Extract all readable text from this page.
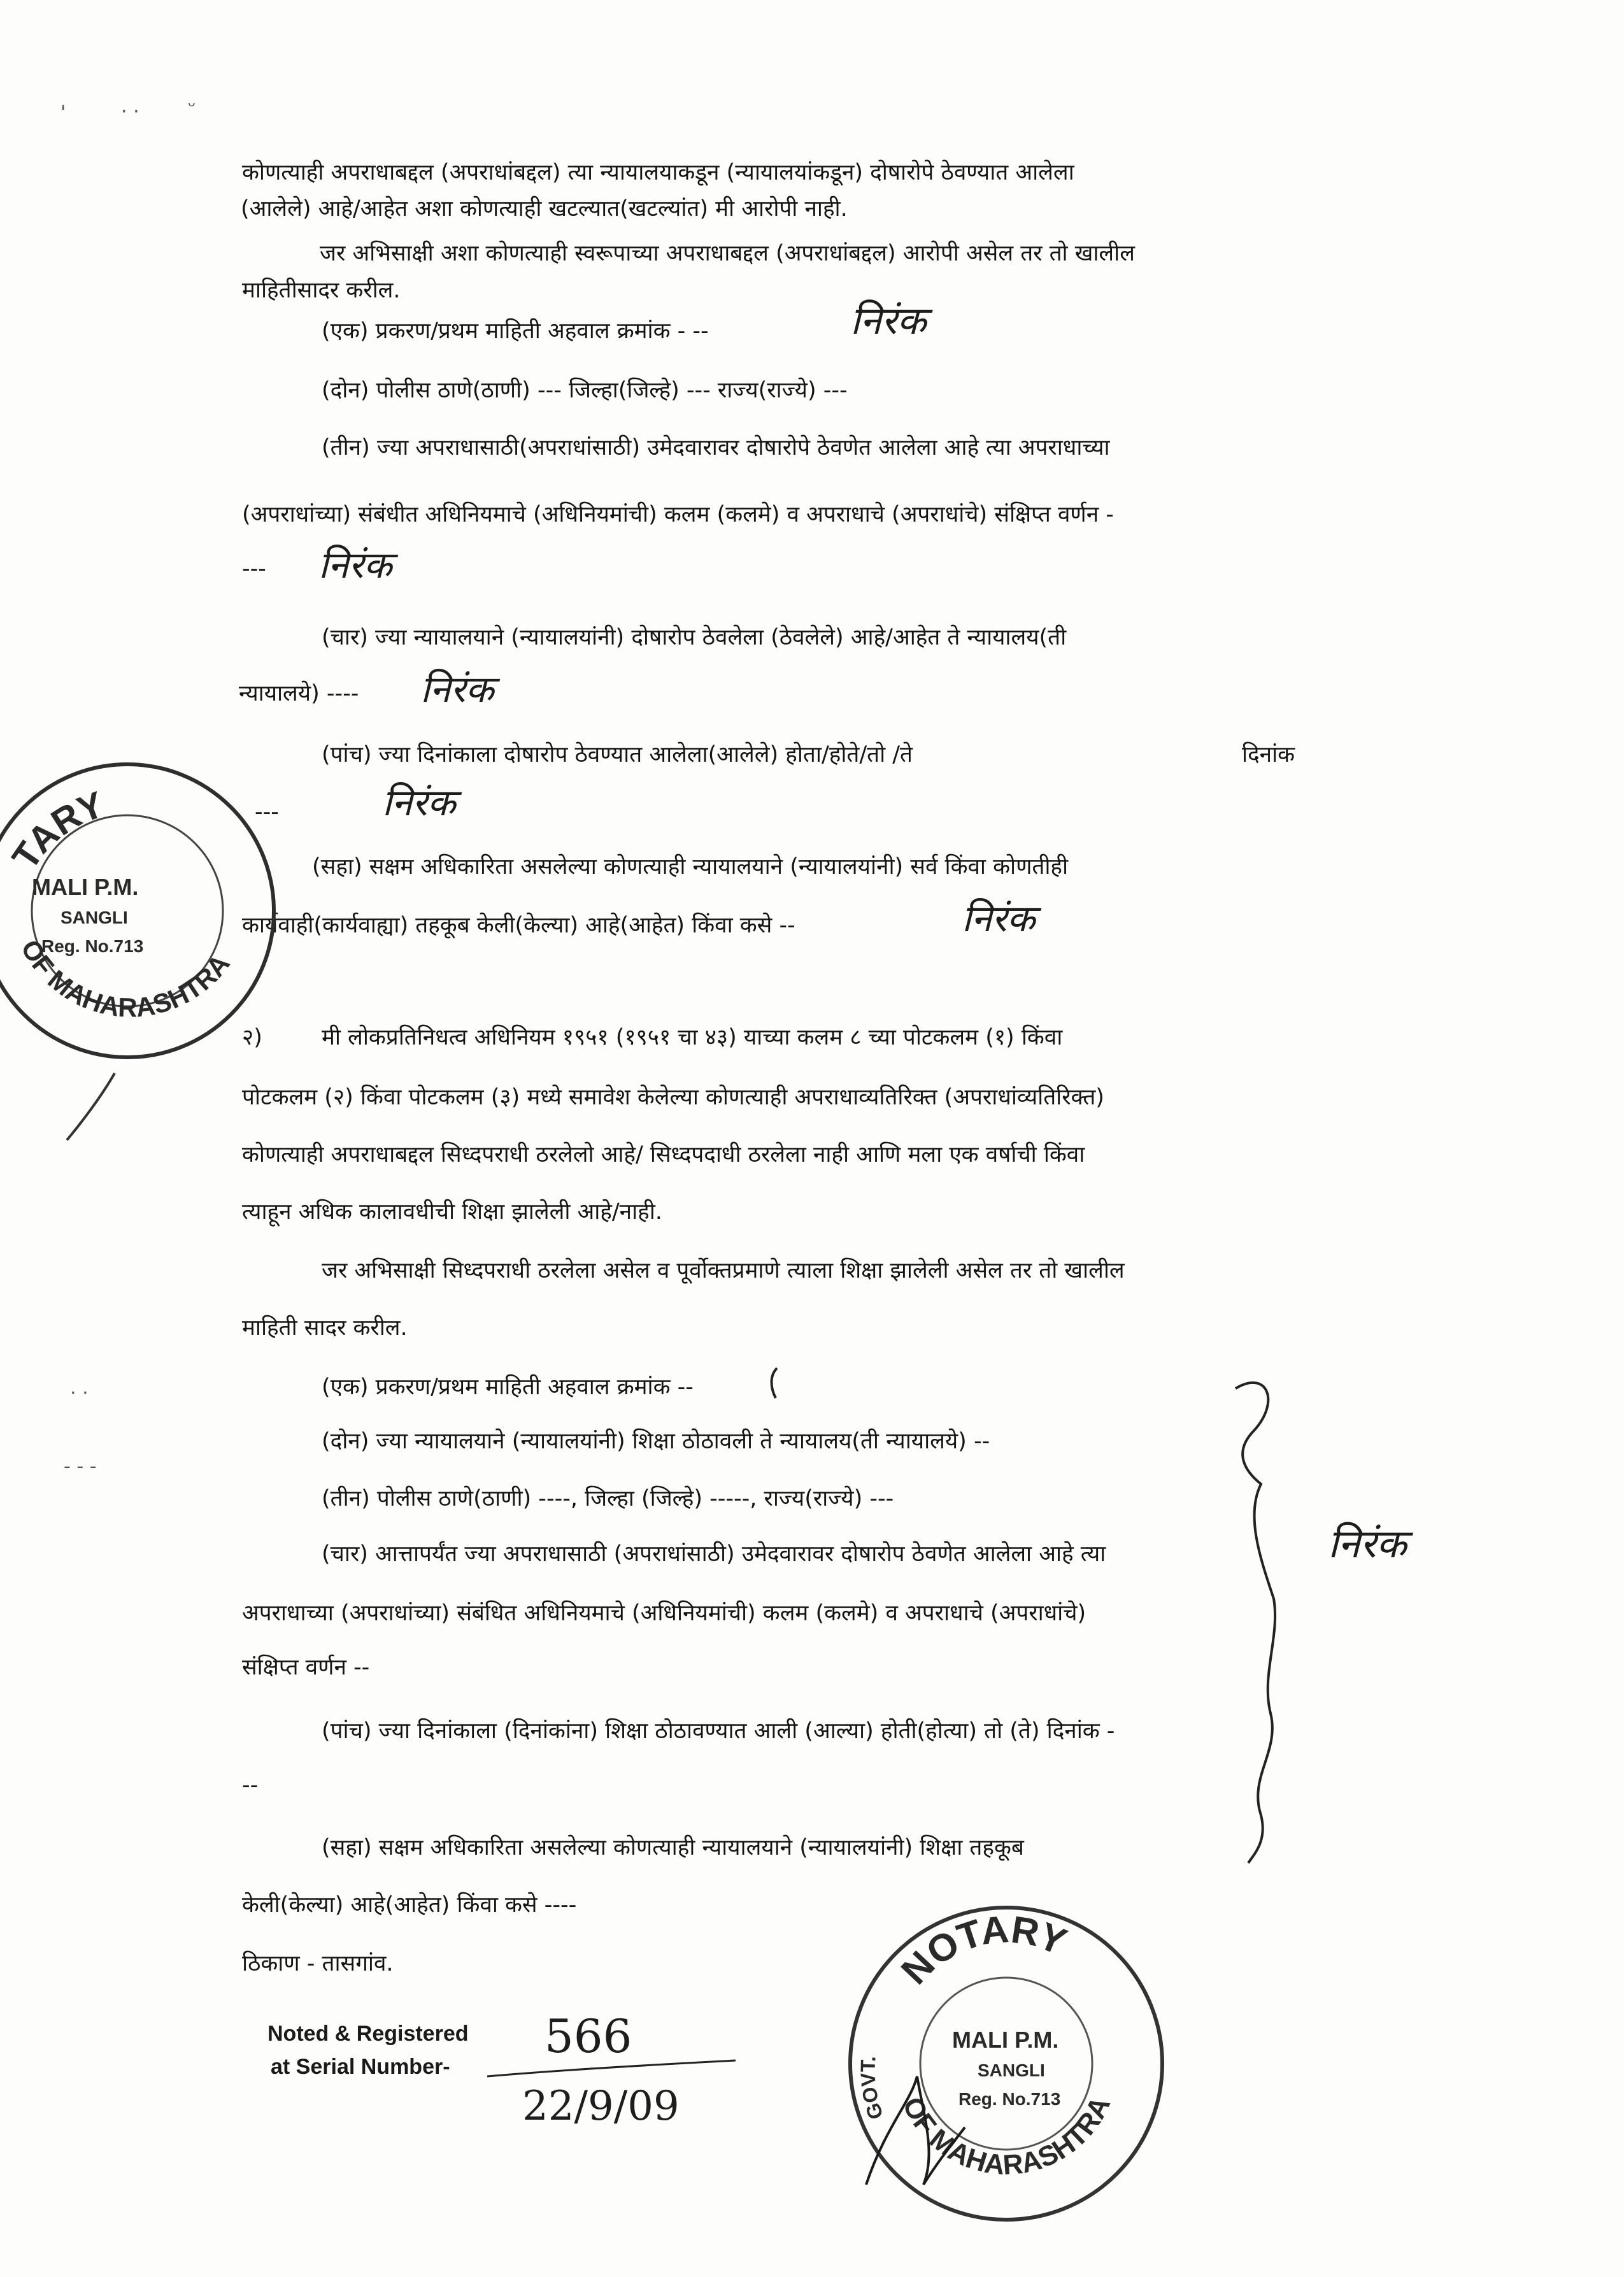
'	· ·	ᵕ
कोणत्याही अपराधाबद्दल (अपराधांबद्दल) त्या न्यायालयाकडून (न्यायालयांकडून) दोषारोपे ठेवण्यात आलेला
(आलेले) आहे/आहेत अशा कोणत्याही खटल्यात(खटल्यांत) मी आरोपी नाही.
जर अभिसाक्षी अशा कोणत्याही स्वरूपाच्या अपराधाबद्दल (अपराधांबद्दल) आरोपी असेल तर तो खालील
माहितीसादर करील.
(एक) प्रकरण/प्रथम माहिती अहवाल क्रमांक - --	निरंक
(दोन) पोलीस ठाणे(ठाणी) --- जिल्हा(जिल्हे) --- राज्य(राज्ये) ---
(तीन) ज्या अपराधासाठी(अपराधांसाठी) उमेदवारावर दोषारोपे ठेवणेत आलेला आहे त्या अपराधाच्या
(अपराधांच्या) संबंधीत अधिनियमाचे (अधिनियमांची) कलम (कलमे) व अपराधाचे (अपराधांचे) संक्षिप्त वर्णन -
--- निरंक
(चार) ज्या न्यायालयाने (न्यायालयांनी) दोषारोप ठेवलेला (ठेवलेले) आहे/आहेत ते न्यायालय(ती
न्यायालये) ---- निरंक
(पांच) ज्या दिनांकाला दोषारोप ठेवण्यात आलेला(आलेले) होता/होते/तो /ते	दिनांक
---	निरंक
(सहा) सक्षम अधिकारिता असलेल्या कोणत्याही न्यायालयाने (न्यायालयांनी) सर्व किंवा कोणतीही
कार्यवाही(कार्यवाह्या) तहकूब केली(केल्या) आहे(आहेत) किंवा कसे --	निरंक
२)	मी लोकप्रतिनिधत्व अधिनियम १९५१ (१९५१ चा ४३) याच्या कलम ८ च्या पोटकलम (१) किंवा
पोटकलम (२) किंवा पोटकलम (३) मध्ये समावेश केलेल्या कोणत्याही अपराधाव्यतिरिक्त (अपराधांव्यतिरिक्त)
कोणत्याही अपराधाबद्दल सिध्दपराधी ठरलेलो आहे/ सिध्दपदाधी ठरलेला नाही आणि मला एक वर्षाची किंवा
त्याहून अधिक कालावधीची शिक्षा झालेली आहे/नाही.
जर अभिसाक्षी सिध्दपराधी ठरलेला असेल व पूर्वोक्तप्रमाणे त्याला शिक्षा झालेली असेल तर तो खालील
माहिती सादर करील.
(एक) प्रकरण/प्रथम माहिती अहवाल क्रमांक --
(दोन) ज्या न्यायालयाने (न्यायालयांनी) शिक्षा ठोठावली ते न्यायालय(ती न्यायालये) --
(तीन) पोलीस ठाणे(ठाणी) ----, जिल्हा (जिल्हे) -----, राज्य(राज्ये) ---
(चार) आत्तापर्यंत ज्या अपराधासाठी (अपराधांसाठी) उमेदवारावर दोषारोप ठेवणेत आलेला आहे त्या
अपराधाच्या (अपराधांच्या) संबंधित अधिनियमाचे (अधिनियमांची) कलम (कलमे) व अपराधाचे (अपराधांचे)
संक्षिप्त वर्णन --
(पांच) ज्या दिनांकाला (दिनांकांना) शिक्षा ठोठावण्यात आली (आल्या) होती(होत्या) तो (ते) दिनांक -
--
(सहा) सक्षम अधिकारिता असलेल्या कोणत्याही न्यायालयाने (न्यायालयांनी) शिक्षा तहकूब
केली(केल्या) आहे(आहेत) किंवा कसे ----
ठिकाण - तासगांव.
निरंक
Noted & Registered
at Serial Number-
566
22/9/09
TARY
OF MAHARASHTRA
MALI P.M.
SANGLI
Reg. No.713
NOTARY
OF MAHARASHTRA
GOVT.
MALI P.M.
SANGLI
Reg. No.713
· ·
‐ - -
